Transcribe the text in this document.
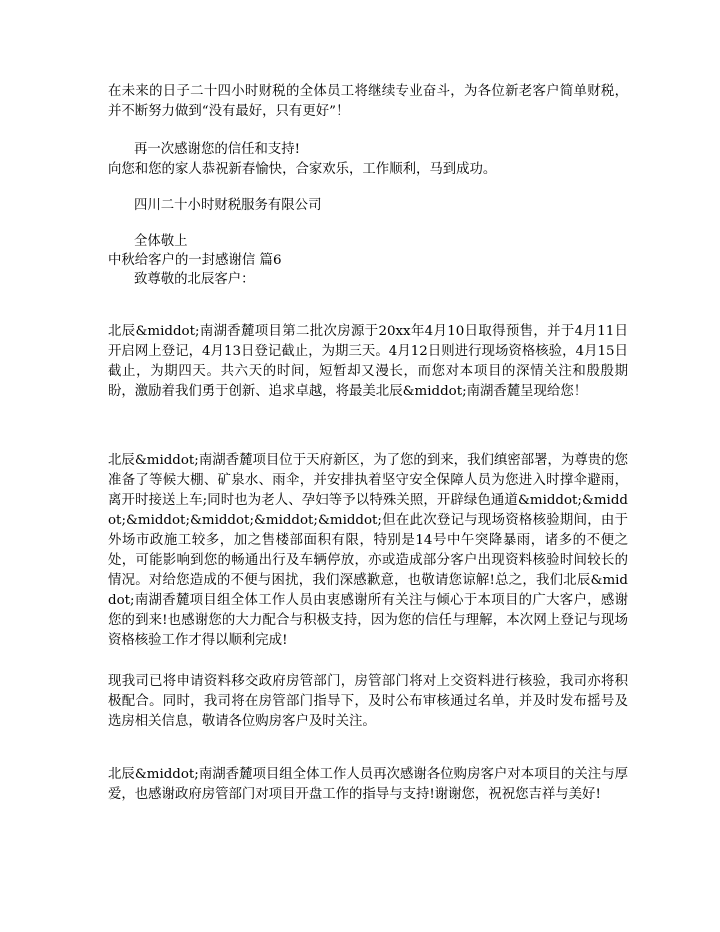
在未来的日子二十四小时财税的全体员工将继续专业奋斗，为各位新老客户简单财税，并不断努力做到“没有最好，只有更好”！

再一次感谢您的信任和支持!

向您和您的家人恭祝新春愉快，合家欢乐，工作顺利，马到成功。

四川二十小时财税服务有限公司

全体敬上

中秋给客户的一封感谢信 篇6

致尊敬的北辰客户：

北辰&middot;南湖香麓项目第二批次房源于20xx年4月10日取得预售，并于4月11日开启网上登记，4月13日登记截止，为期三天。4月12日则进行现场资格核验，4月15日截止，为期四天。共六天的时间，短暂却又漫长，而您对本项目的深情关注和殷殷期盼，激励着我们勇于创新、追求卓越，将最美北辰&middot;南湖香麓呈现给您！

北辰&middot;南湖香麓项目位于天府新区，为了您的到来，我们缜密部署，为尊贵的您准备了等候大棚、矿泉水、雨伞，并安排执着坚守安全保障人员为您进入时撑伞避雨，离开时接送上车;同时也为老人、孕妇等予以特殊关照，开辟绿色通道&middot;&middot;&middot;&middot;&middot;&middot;但在此次登记与现场资格核验期间，由于外场市政施工较多，加之售楼部面积有限，特别是14号中午突降暴雨，诸多的不便之处，可能影响到您的畅通出行及车辆停放，亦或造成部分客户出现资料核验时间较长的情况。对给您造成的不便与困扰，我们深感歉意，也敬请您谅解!总之，我们北辰&middot;南湖香麓项目组全体工作人员由衷感谢所有关注与倾心于本项目的广大客户，感谢您的到来!也感谢您的大力配合与积极支持，因为您的信任与理解，本次网上登记与现场资格核验工作才得以顺利完成!

现我司已将申请资料移交政府房管部门，房管部门将对上交资料进行核验，我司亦将积极配合。同时，我司将在房管部门指导下，及时公布审核通过名单，并及时发布摇号及选房相关信息，敬请各位购房客户及时关注。

北辰&middot;南湖香麓项目组全体工作人员再次感谢各位购房客户对本项目的关注与厚爱，也感谢政府房管部门对项目开盘工作的指导与支持!谢谢您，祝祝您吉祥与美好!
